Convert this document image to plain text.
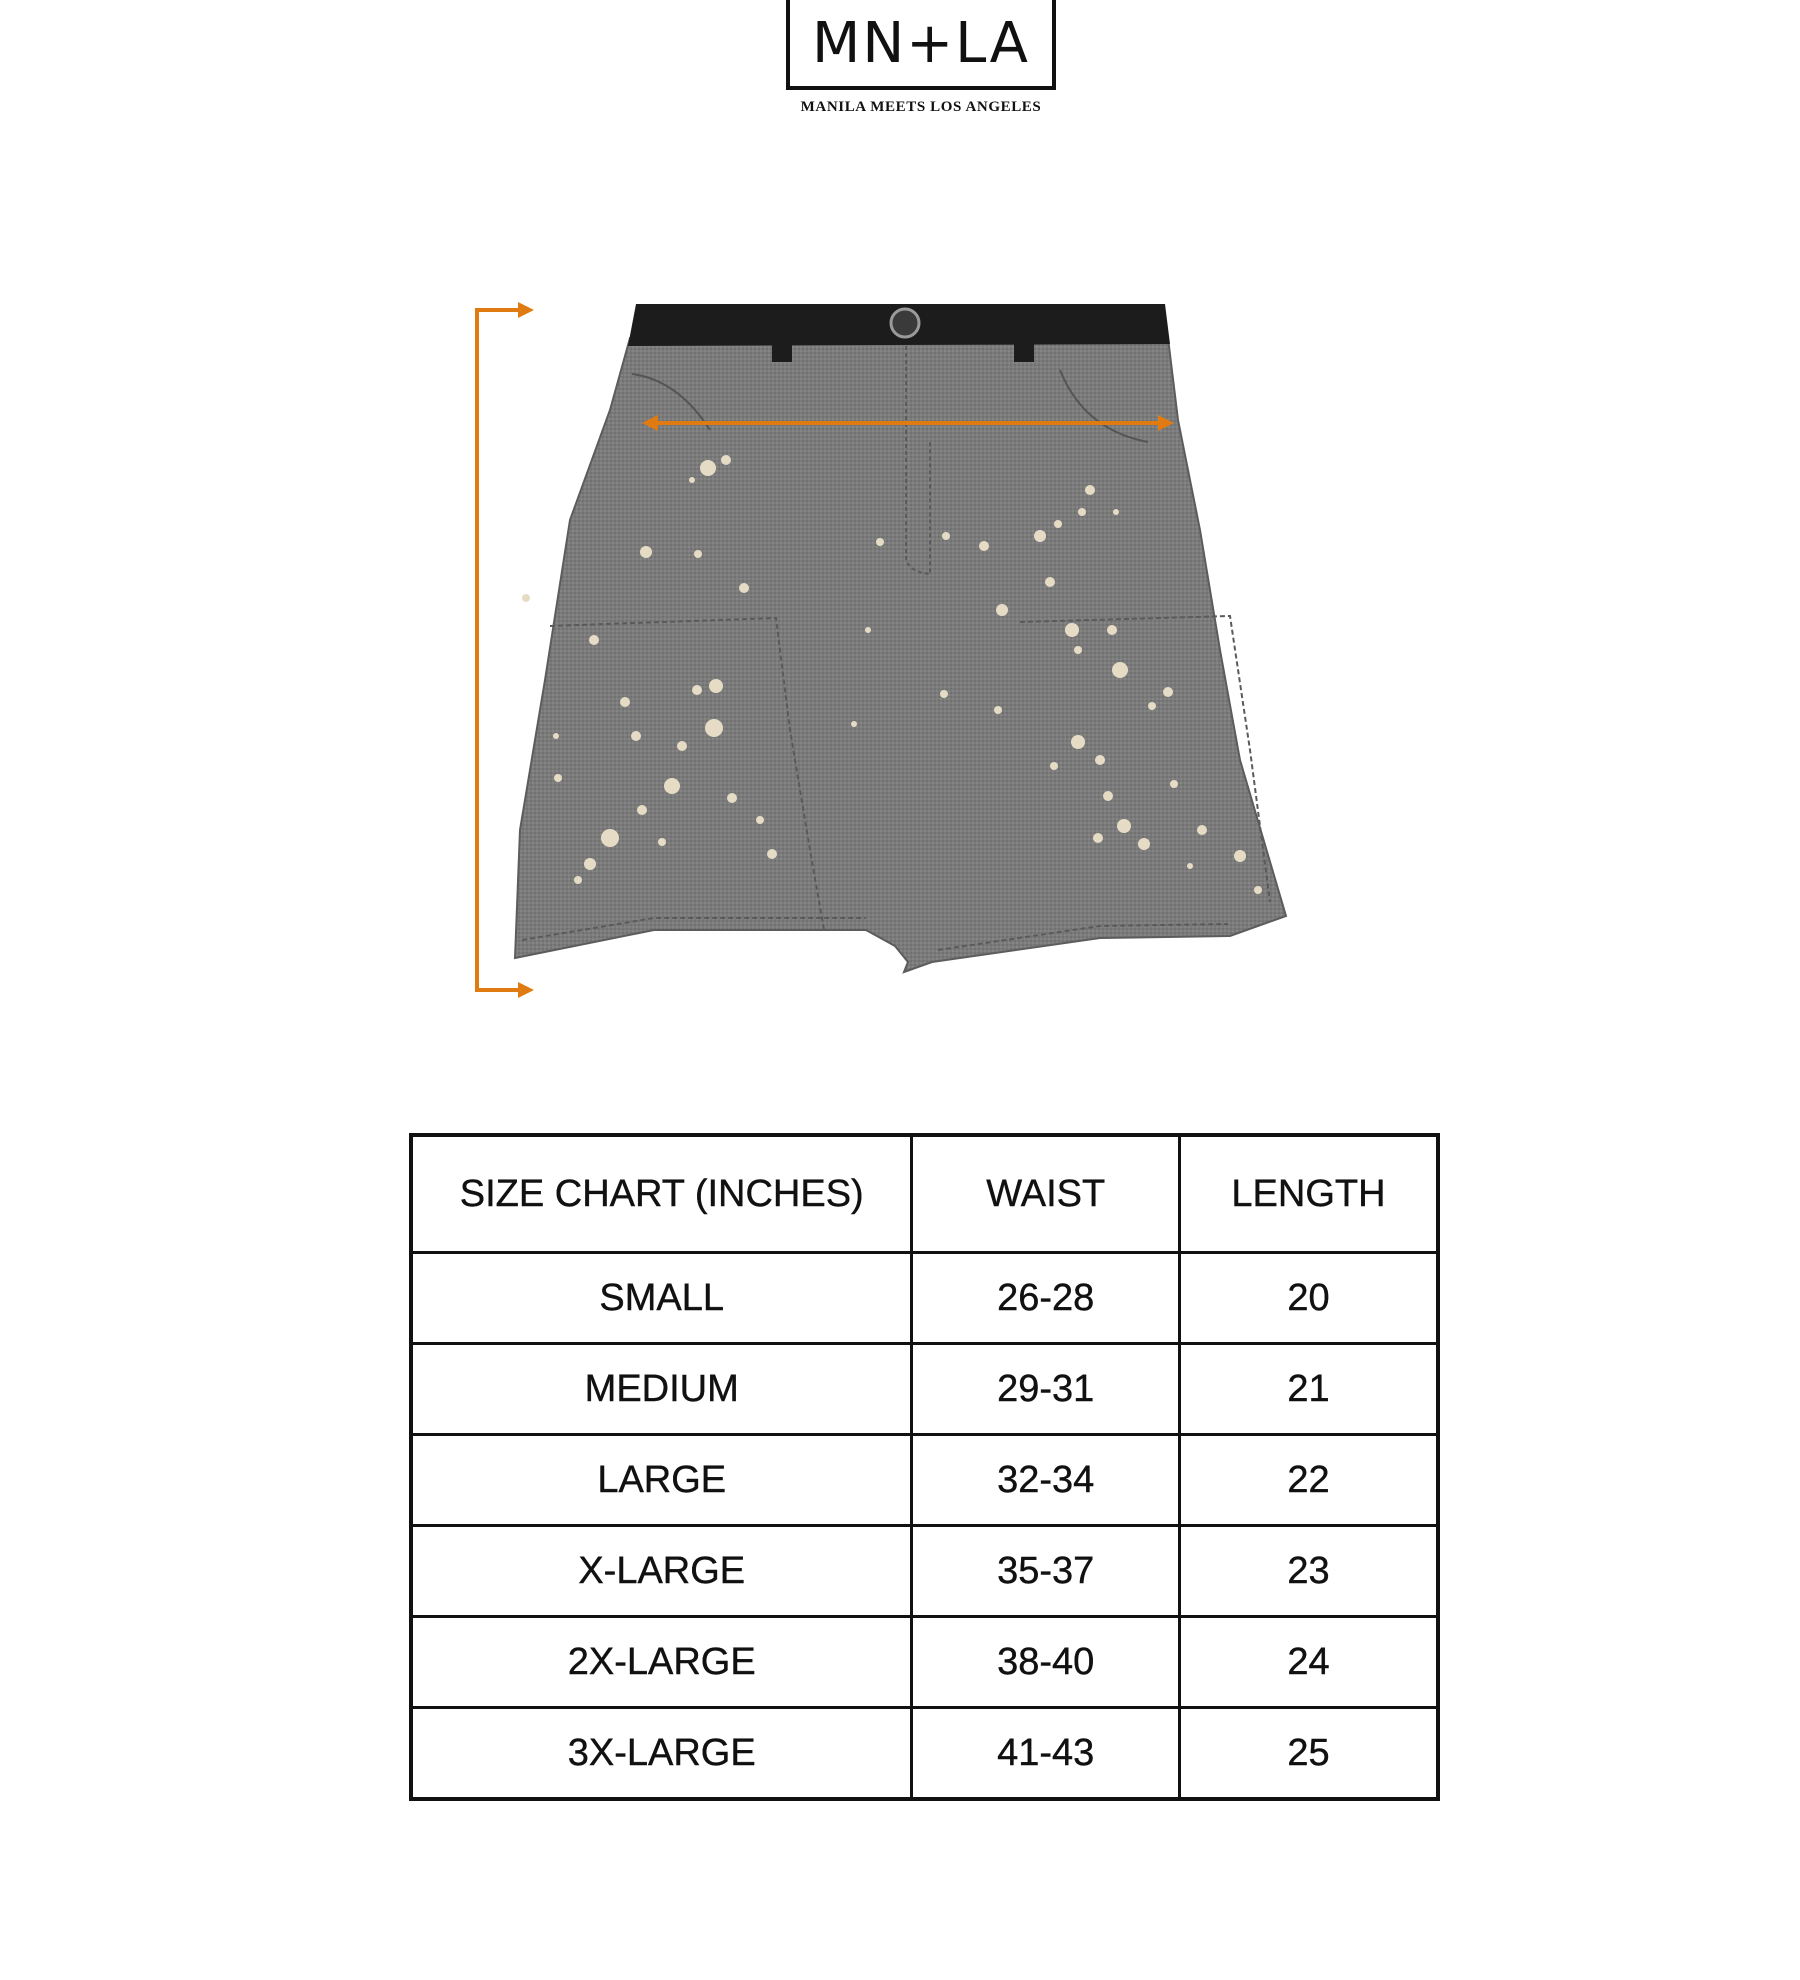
MN+LA
MANILA MEETS LOS ANGELES
SIZE CHART (INCHES)	WAIST	LENGTH
SMALL	26-28	20
MEDIUM	29-31	21
LARGE	32-34	22
X-LARGE	35-37	23
2X-LARGE	38-40	24
3X-LARGE	41-43	25
